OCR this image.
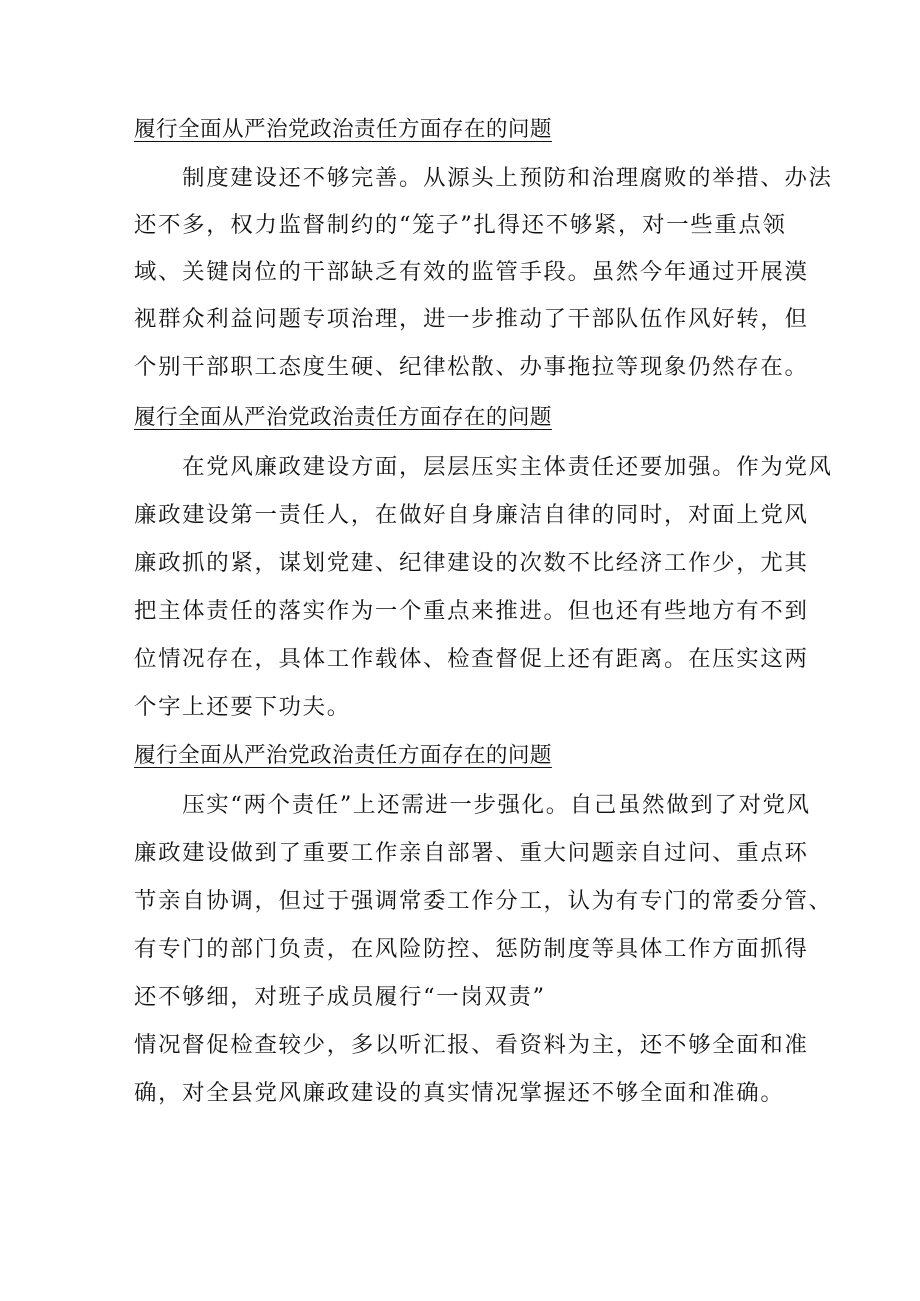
履行全面从严治党政治责任方面存在的问题
　　制度建设还不够完善。从源头上预防和治理腐败的举措、办法
还不多，权力监督制约的“笼子”扎得还不够紧，对一些重点领
域、关键岗位的干部缺乏有效的监管手段。虽然今年通过开展漠
视群众利益问题专项治理，进一步推动了干部队伍作风好转，但
个别干部职工态度生硬、纪律松散、办事拖拉等现象仍然存在。
履行全面从严治党政治责任方面存在的问题
　　在党风廉政建设方面，层层压实主体责任还要加强。作为党风
廉政建设第一责任人，在做好自身廉洁自律的同时，对面上党风
廉政抓的紧，谋划党建、纪律建设的次数不比经济工作少，尤其
把主体责任的落实作为一个重点来推进。但也还有些地方有不到
位情况存在，具体工作载体、检查督促上还有距离。在压实这两
个字上还要下功夫。
履行全面从严治党政治责任方面存在的问题
　　压实“两个责任”上还需进一步强化。自己虽然做到了对党风
廉政建设做到了重要工作亲自部署、重大问题亲自过问、重点环
节亲自协调，但过于强调常委工作分工，认为有专门的常委分管、
有专门的部门负责，在风险防控、惩防制度等具体工作方面抓得
还不够细，对班子成员履行“一岗双责”
情况督促检查较少，多以听汇报、看资料为主，还不够全面和准
确，对全县党风廉政建设的真实情况掌握还不够全面和准确。
